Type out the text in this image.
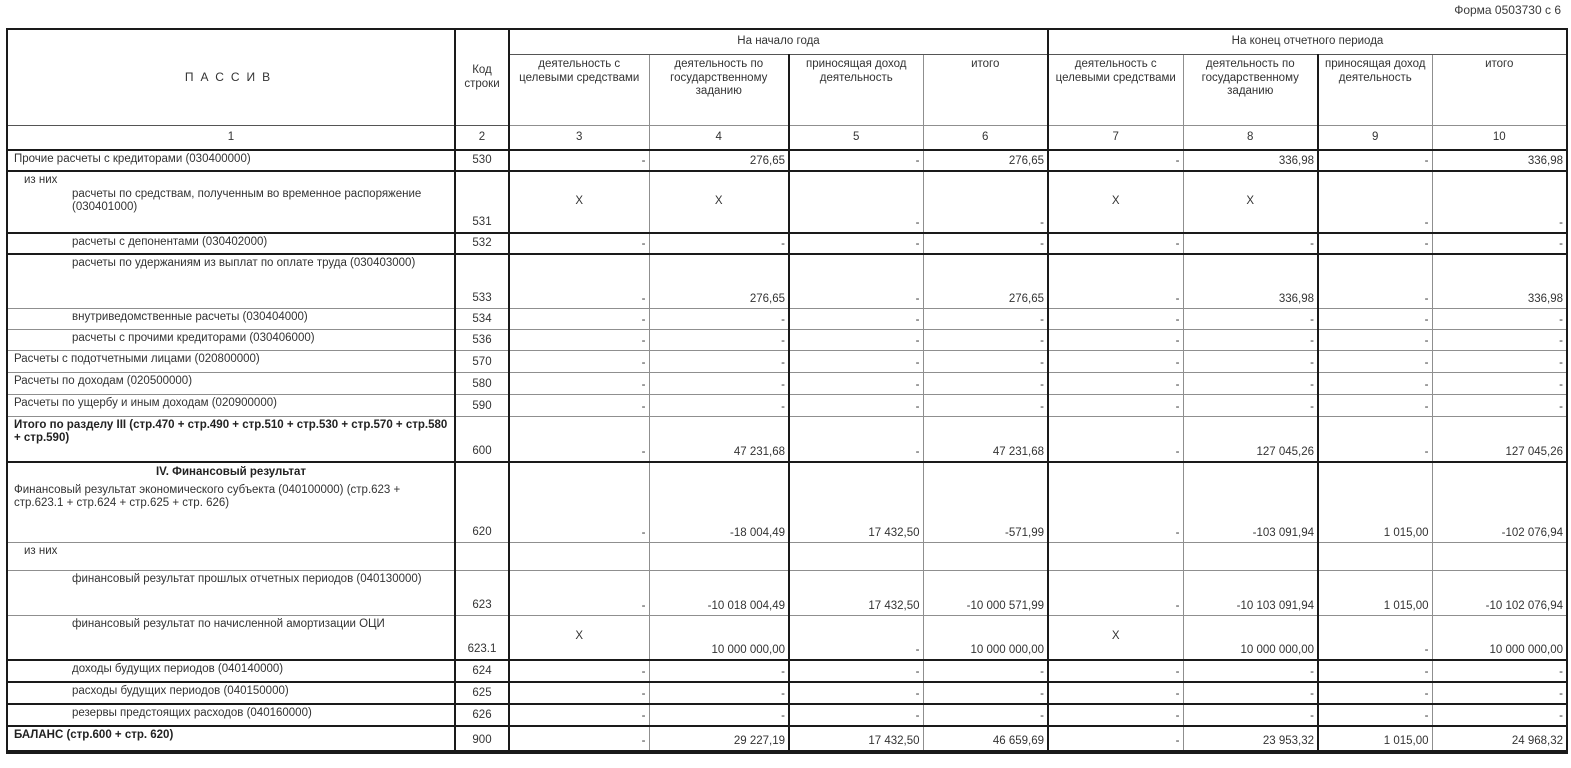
Форма 0503730 с 6
ПАССИВ	Код строки	На начало года				На конец отчетного периода			
		деятельность с целевыми средствами	деятельность по государственному заданию	приносящая доход деятельность	итого	деятельность с целевыми средствами	деятельность по государственному заданию	приносящая доход деятельность	итого
1	2	3	4	5	6	7	8	9	10

Прочие расчеты с кредиторами (030400000)	530	-	276,65	-	276,65	-	336,98	-	336,98

из них
расчеты по средствам, полученным во временное распоряжение (030401000)	531	X	X	-	-	X	X	-	-

расчеты с депонентами (030402000)	532	-	-	-	-	-	-	-	-

расчеты по удержаниям из выплат по оплате труда (030403000)	533	-	276,65	-	276,65	-	336,98	-	336,98

внутриведомственные расчеты (030404000)	534	-	-	-	-	-	-	-	-

расчеты с прочими кредиторами (030406000)	536	-	-	-	-	-	-	-	-

Расчеты с подотчетными лицами (020800000)	570	-	-	-	-	-	-	-	-

Расчеты по доходам (020500000)	580	-	-	-	-	-	-	-	-

Расчеты по ущербу и иным доходам (020900000)	590	-	-	-	-	-	-	-	-

Итого по разделу III (стр.470 + стр.490 + стр.510 + стр.530 + стр.570 + стр.580 + стр.590)	600	-	47 231,68	-	47 231,68	-	127 045,26	-	127 045,26

IV. Финансовый результат
Финансовый результат экономического субъекта (040100000) (стр.623 + стр.623.1 + стр.624 + стр.625 + стр. 626)	620	-	-18 004,49	17 432,50	-571,99	-	-103 091,94	1 015,00	-102 076,94

из них									

финансовый результат прошлых отчетных периодов (040130000)	623	-	-10 018 004,49	17 432,50	-10 000 571,99	-	-10 103 091,94	1 015,00	-10 102 076,94

финансовый результат по начисленной амортизации ОЦИ	623.1	X	10 000 000,00	-	10 000 000,00	X	10 000 000,00	-	10 000 000,00

доходы будущих периодов (040140000)	624	-	-	-	-	-	-	-	-

расходы будущих периодов (040150000)	625	-	-	-	-	-	-	-	-

резервы предстоящих расходов (040160000)	626	-	-	-	-	-	-	-	-

БАЛАНС (стр.600 + стр. 620)	900	-	29 227,19	17 432,50	46 659,69	-	23 953,32	1 015,00	24 968,32
